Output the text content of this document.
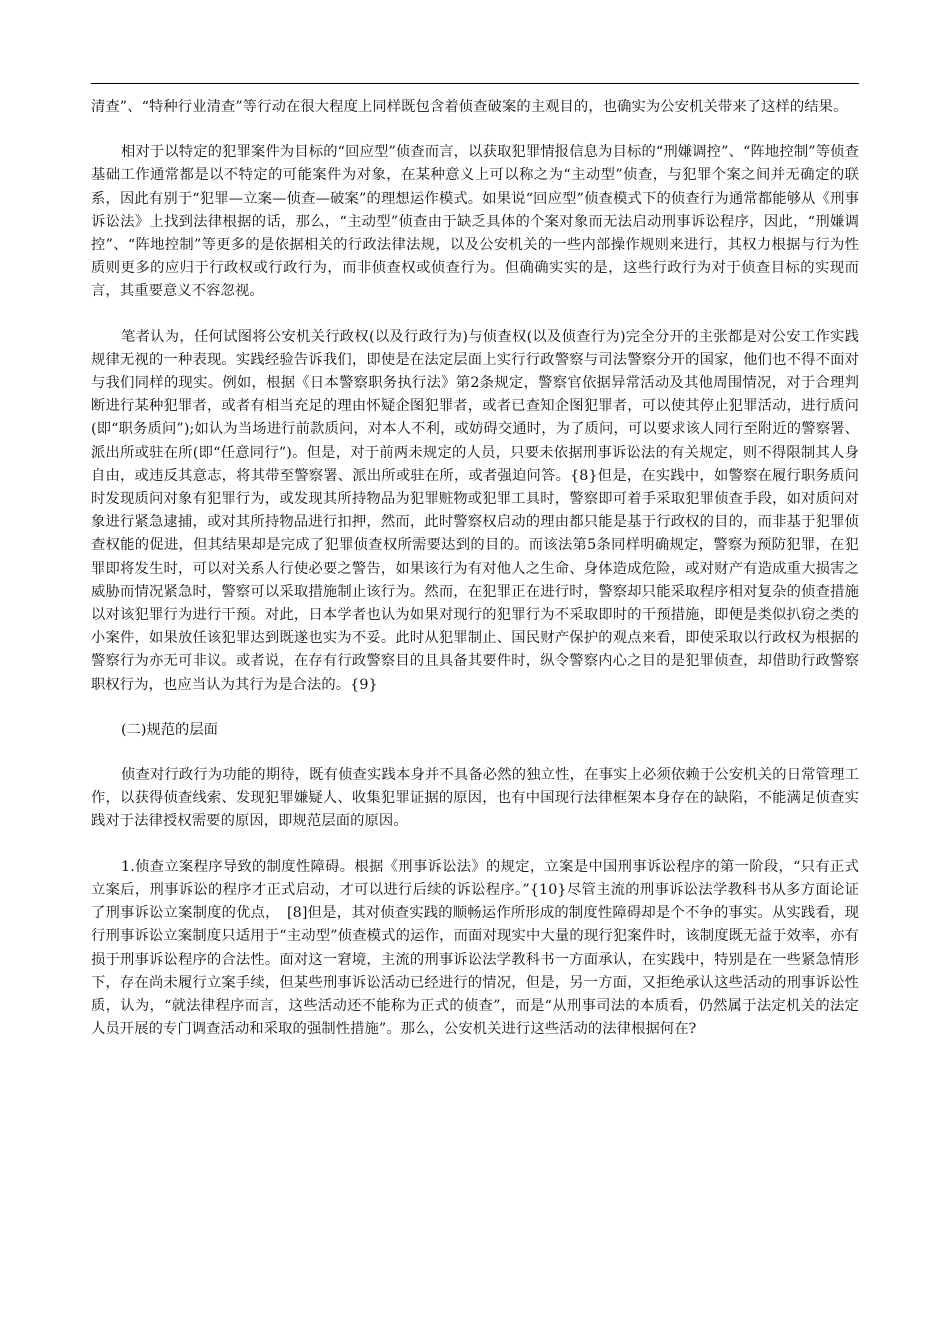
清查”、“特种行业清查”等行动在很大程度上同样既包含着侦查破案的主观目的，也确实为公安机关带来了这样的结果。

相对于以特定的犯罪案件为目标的“回应型”侦查而言，以获取犯罪情报信息为目标的“刑嫌调控”、“阵地控制”等侦查基础工作通常都是以不特定的可能案件为对象，在某种意义上可以称之为“主动型”侦查，与犯罪个案之间并无确定的联系，因此有别于“犯罪—立案—侦查—破案”的理想运作模式。如果说“回应型”侦查模式下的侦查行为通常都能够从《刑事诉讼法》上找到法律根据的话，那么，“主动型”侦查由于缺乏具体的个案对象而无法启动刑事诉讼程序，因此，“刑嫌调控”、“阵地控制”等更多的是依据相关的行政法律法规，以及公安机关的一些内部操作规则来进行，其权力根据与行为性质则更多的应归于行政权或行政行为，而非侦查权或侦查行为。但确确实实的是，这些行政行为对于侦查目标的实现而言，其重要意义不容忽视。

笔者认为，任何试图将公安机关行政权(以及行政行为)与侦查权(以及侦查行为)完全分开的主张都是对公安工作实践规律无视的一种表现。实践经验告诉我们，即使是在法定层面上实行行政警察与司法警察分开的国家，他们也不得不面对与我们同样的现实。例如，根据《日本警察职务执行法》第2条规定，警察官依据异常活动及其他周围情况，对于合理判断进行某种犯罪者，或者有相当充足的理由怀疑企图犯罪者，或者已查知企图犯罪者，可以使其停止犯罪活动，进行质问(即“职务质问”);如认为当场进行前款质问，对本人不利，或妨碍交通时，为了质问，可以要求该人同行至附近的警察署、派出所或驻在所(即“任意同行”)。但是，对于前两未规定的人员，只要未依据刑事诉讼法的有关规定，则不得限制其人身自由，或违反其意志，将其带至警察署、派出所或驻在所，或者强迫问答。{8}但是，在实践中，如警察在履行职务质问时发现质问对象有犯罪行为，或发现其所持物品为犯罪赃物或犯罪工具时，警察即可着手采取犯罪侦查手段，如对质问对象进行紧急逮捕，或对其所持物品进行扣押，然而，此时警察权启动的理由都只能是基于行政权的目的，而非基于犯罪侦查权能的促进，但其结果却是完成了犯罪侦查权所需要达到的目的。而该法第5条同样明确规定，警察为预防犯罪，在犯罪即将发生时，可以对关系人行使必要之警告，如果该行为有对他人之生命、身体造成危险，或对财产有造成重大损害之威胁而情况紧急时，警察可以采取措施制止该行为。然而，在犯罪正在进行时，警察却只能采取程序相对复杂的侦查措施以对该犯罪行为进行干预。对此，日本学者也认为如果对现行的犯罪行为不采取即时的干预措施，即便是类似扒窃之类的小案件，如果放任该犯罪达到既遂也实为不妥。此时从犯罪制止、国民财产保护的观点来看，即使采取以行政权为根据的警察行为亦无可非议。或者说，在存有行政警察目的且具备其要件时，纵令警察内心之目的是犯罪侦查，却借助行政警察职权行为，也应当认为其行为是合法的。{9}

(二)规范的层面

侦查对行政行为功能的期待，既有侦查实践本身并不具备必然的独立性，在事实上必须依赖于公安机关的日常管理工作，以获得侦查线索、发现犯罪嫌疑人、收集犯罪证据的原因，也有中国现行法律框架本身存在的缺陷，不能满足侦查实践对于法律授权需要的原因，即规范层面的原因。

1.侦查立案程序导致的制度性障碍。根据《刑事诉讼法》的规定，立案是中国刑事诉讼程序的第一阶段，“只有正式立案后，刑事诉讼的程序才正式启动，才可以进行后续的诉讼程序。”{10}尽管主流的刑事诉讼法学教科书从多方面论证了刑事诉讼立案制度的优点，　[8]但是，其对侦查实践的顺畅运作所形成的制度性障碍却是个不争的事实。从实践看，现行刑事诉讼立案制度只适用于“主动型”侦查模式的运作，而面对现实中大量的现行犯案件时，该制度既无益于效率，亦有损于刑事诉讼程序的合法性。面对这一窘境，主流的刑事诉讼法学教科书一方面承认，在实践中，特别是在一些紧急情形下，存在尚未履行立案手续，但某些刑事诉讼活动已经进行的情况，但是，另一方面，又拒绝承认这些活动的刑事诉讼性质，认为，“就法律程序而言，这些活动还不能称为正式的侦查”，而是“从刑事司法的本质看，仍然属于法定机关的法定人员开展的专门调查活动和采取的强制性措施”。那么，公安机关进行这些活动的法律根据何在?
